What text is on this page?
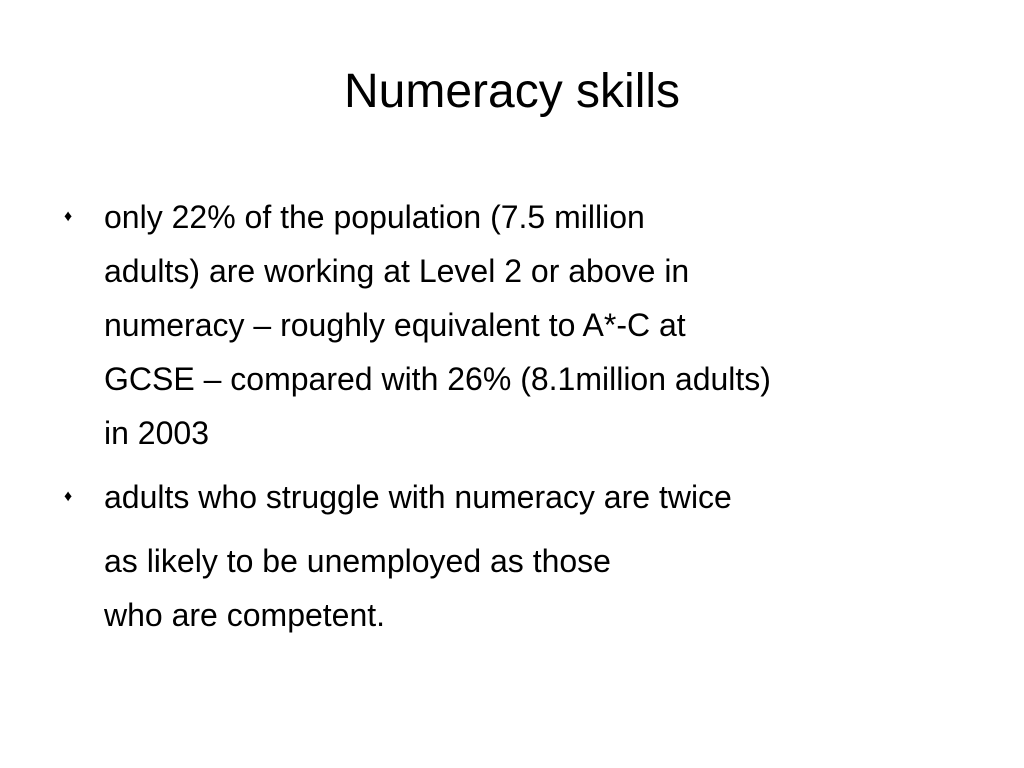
Numeracy skills
♦ only 22% of the population (7.5 million
adults) are working at Level 2 or above in
numeracy – roughly equivalent to A*-C at
GCSE – compared with 26% (8.1million adults)
in 2003
♦ adults who struggle with numeracy are twice
as likely to be unemployed as those
who are competent.
